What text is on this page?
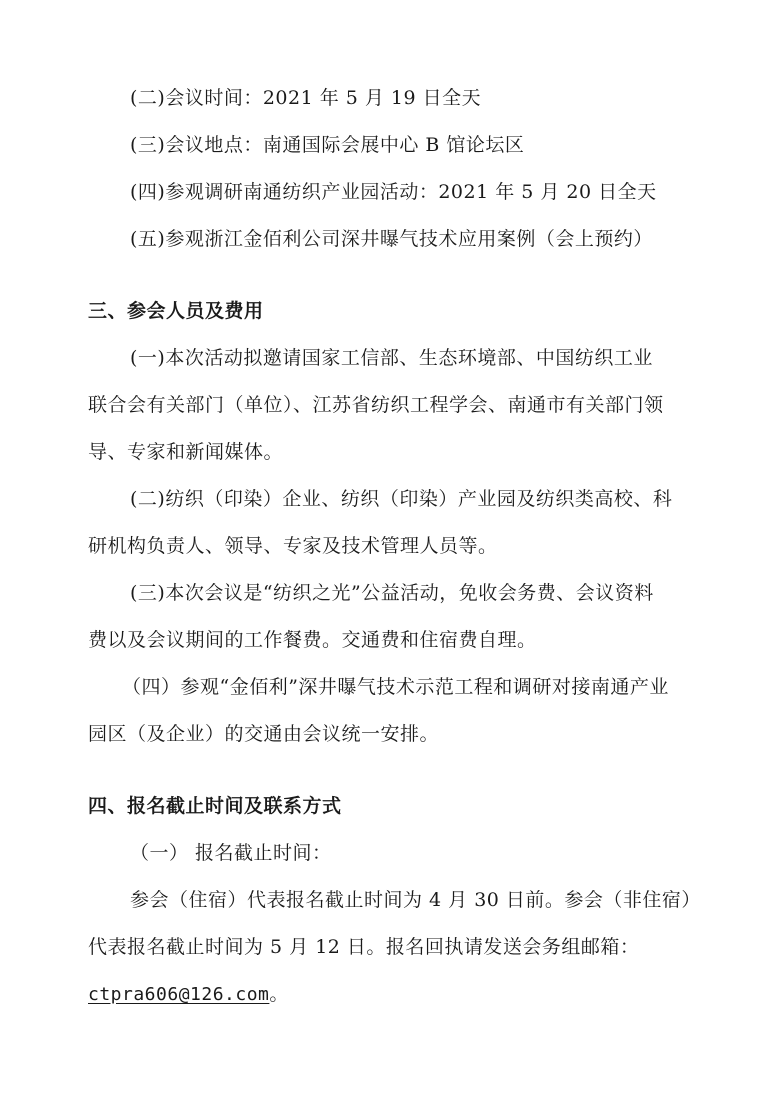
(二)会议时间：2021 年 5 月 19 日全天
(三)会议地点：南通国际会展中心 B 馆论坛区
(四)参观调研南通纺织产业园活动：2021 年 5 月 20 日全天
(五)参观浙江金佰利公司深井曝气技术应用案例（会上预约）
三、参会人员及费用
(一)本次活动拟邀请国家工信部、生态环境部、中国纺织工业
联合会有关部门（单位）、江苏省纺织工程学会、南通市有关部门领
导、专家和新闻媒体。
(二)纺织（印染）企业、纺织（印染）产业园及纺织类高校、科
研机构负责人、领导、专家及技术管理人员等。
(三)本次会议是“纺织之光”公益活动，免收会务费、会议资料
费以及会议期间的工作餐费。交通费和住宿费自理。
（四）参观“金佰利”深井曝气技术示范工程和调研对接南通产业
园区（及企业）的交通由会议统一安排。
四、报名截止时间及联系方式
（一） 报名截止时间：
参会（住宿）代表报名截止时间为 4 月 30 日前。参会（非住宿）
代表报名截止时间为 5 月 12 日。报名回执请发送会务组邮箱：
ctpra606@126.com。
